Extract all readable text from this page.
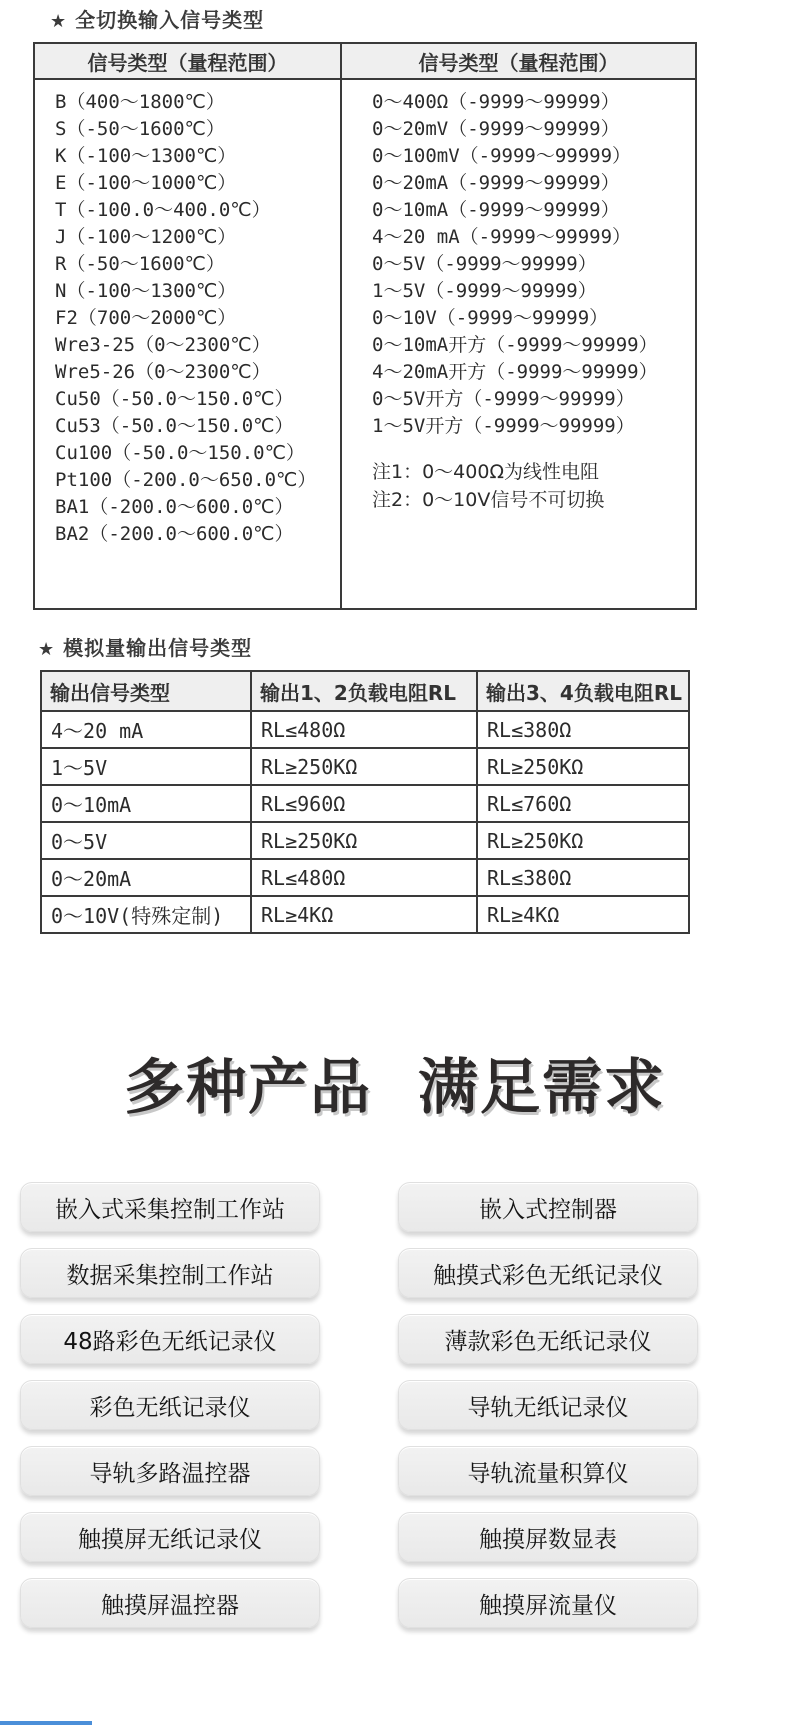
★ 全切换输入信号类型
信号类型（量程范围）	信号类型（量程范围）

B（400～1800℃）
S（-50～1600℃）
K（-100～1300℃）
E（-100～1000℃）
T（-100.0～400.0℃）
J（-100～1200℃）
R（-50～1600℃）
N（-100～1300℃）
F2（700～2000℃）
Wre3-25（0～2300℃）
Wre5-26（0～2300℃）
Cu50（-50.0～150.0℃）
Cu53（-50.0～150.0℃）
Cu100（-50.0～150.0℃）
Pt100（-200.0～650.0℃）
BA1（-200.0～600.0℃）
BA2（-200.0～600.0℃）

0～400Ω（-9999～99999）
0～20mV（-9999～99999）
0～100mV（-9999～99999）
0～20mA（-9999～99999）
0～10mA（-9999～99999）
4～20 mA（-9999～99999）
0～5V（-9999～99999）
1～5V（-9999～99999）
0～10V（-9999～99999）
0～10mA开方（-9999～99999）
4～20mA开方（-9999～99999）
0～5V开方（-9999～99999）
1～5V开方（-9999～99999）
注1：0～400Ω为线性电阻
注2：0～10V信号不可切换
★ 模拟量输出信号类型
输出信号类型	输出1、2负载电阻RL	输出3、4负载电阻RL
4～20 mA	RL≤480Ω	RL≤380Ω
1～5V	RL≥250KΩ	RL≥250KΩ
0～10mA	RL≤960Ω	RL≤760Ω
0～5V	RL≥250KΩ	RL≥250KΩ
0～20mA	RL≤480Ω	RL≤380Ω
0～10V(特殊定制)	RL≥4KΩ	RL≥4KΩ
多种产品  满足需求
嵌入式采集控制工作站	嵌入式控制器
数据采集控制工作站	触摸式彩色无纸记录仪
48路彩色无纸记录仪	薄款彩色无纸记录仪
彩色无纸记录仪	导轨无纸记录仪
导轨多路温控器	导轨流量积算仪
触摸屏无纸记录仪	触摸屏数显表
触摸屏温控器	触摸屏流量仪
